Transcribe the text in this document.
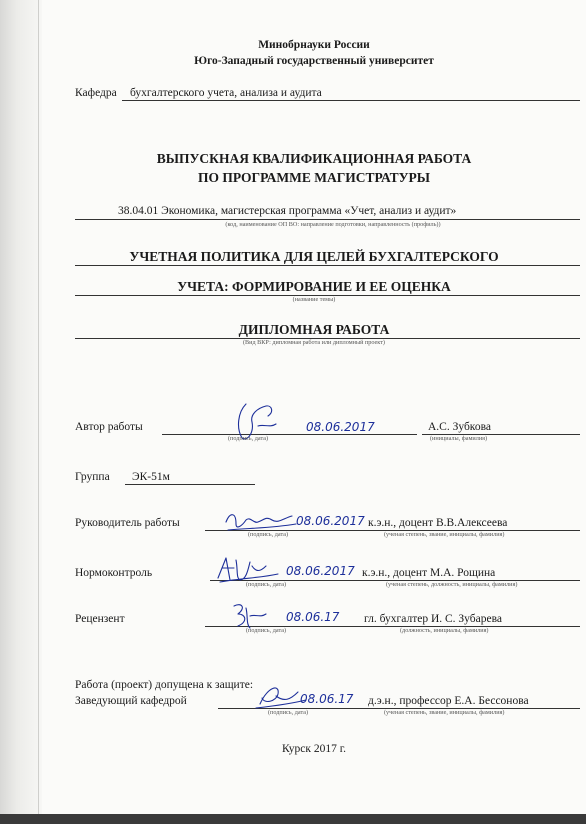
Минобрнауки России
Юго-Западный государственный университет
Кафедра бухгалтерского учета, анализа и аудита
ВЫПУСКНАЯ КВАЛИФИКАЦИОННАЯ РАБОТА
ПО ПРОГРАММЕ МАГИСТРАТУРЫ
38.04.01 Экономика, магистерская программа «Учет, анализ и аудит»
(код, наименование ОП ВО: направление подготовки, направленность (профиль))
УЧЕТНАЯ ПОЛИТИКА ДЛЯ ЦЕЛЕЙ БУХГАЛТЕРСКОГО
УЧЕТА: ФОРМИРОВАНИЕ И ЕЕ ОЦЕНКА
(название темы)
ДИПЛОМНАЯ РАБОТА
(Вид ВКР: дипломная работа или дипломный проект)
Автор работы	08.06.2017	А.С. Зубкова
(подпись, дата)	(инициалы, фамилия)
Группа ЭК-51м
Руководитель работы	08.06.2017 к.э.н., доцент В.В.Алексеева
(подпись, дата)	(ученая степень, звание, инициалы, фамилия)
Нормоконтроль	08.06.2017 к.э.н., доцент М.А. Рощина
(подпись, дата)	(ученая степень, должность, инициалы, фамилия)
Рецензент	08.06.17 гл. бухгалтер И. С. Зубарева
(подпись, дата)	(должность, инициалы, фамилия)
Работа (проект) допущена к защите:
Заведующий кафедрой	08.06.17 д.э.н., профессор Е.А. Бессонова
(подпись, дата)	(ученая степень, звание, инициалы, фамилия)
Курск 2017 г.
